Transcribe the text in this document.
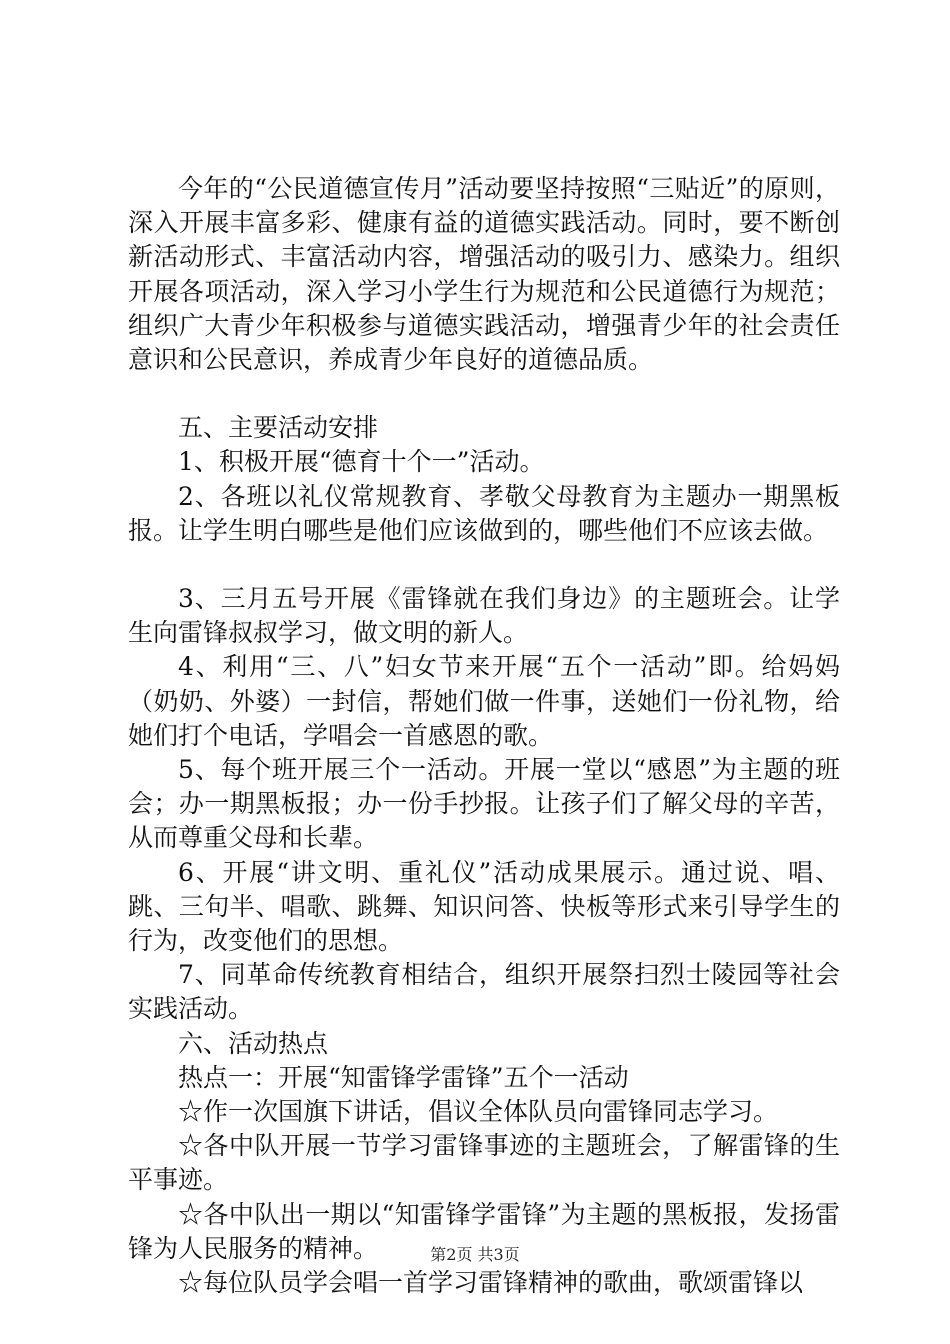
今年的“公民道德宣传月”活动要坚持按照“三贴近”的原则，深入开展丰富多彩、健康有益的道德实践活动。同时，要不断创新活动形式、丰富活动内容，增强活动的吸引力、感染力。组织开展各项活动，深入学习小学生行为规范和公民道德行为规范；组织广大青少年积极参与道德实践活动，增强青少年的社会责任意识和公民意识，养成青少年良好的道德品质。

五、主要活动安排

1、积极开展“德育十个一”活动。

2、各班以礼仪常规教育、孝敬父母教育为主题办一期黑板报。让学生明白哪些是他们应该做到的，哪些他们不应该去做。

3、三月五号开展《雷锋就在我们身边》的主题班会。让学生向雷锋叔叔学习，做文明的新人。

4、利用“三、八”妇女节来开展“五个一活动”即。给妈妈（奶奶、外婆）一封信，帮她们做一件事，送她们一份礼物，给她们打个电话，学唱会一首感恩的歌。

5、每个班开展三个一活动。开展一堂以“感恩”为主题的班会；办一期黑板报；办一份手抄报。让孩子们了解父母的辛苦，从而尊重父母和长辈。

6、开展“讲文明、重礼仪”活动成果展示。通过说、唱、跳、三句半、唱歌、跳舞、知识问答、快板等形式来引导学生的行为，改变他们的思想。

7、同革命传统教育相结合，组织开展祭扫烈士陵园等社会实践活动。

六、活动热点

热点一：开展“知雷锋学雷锋”五个一活动

☆作一次国旗下讲话，倡议全体队员向雷锋同志学习。

☆各中队开展一节学习雷锋事迹的主题班会，了解雷锋的生平事迹。

☆各中队出一期以“知雷锋学雷锋”为主题的黑板报，发扬雷锋为人民服务的精神。

☆每位队员学会唱一首学习雷锋精神的歌曲，歌颂雷锋以

第2页 共3页
